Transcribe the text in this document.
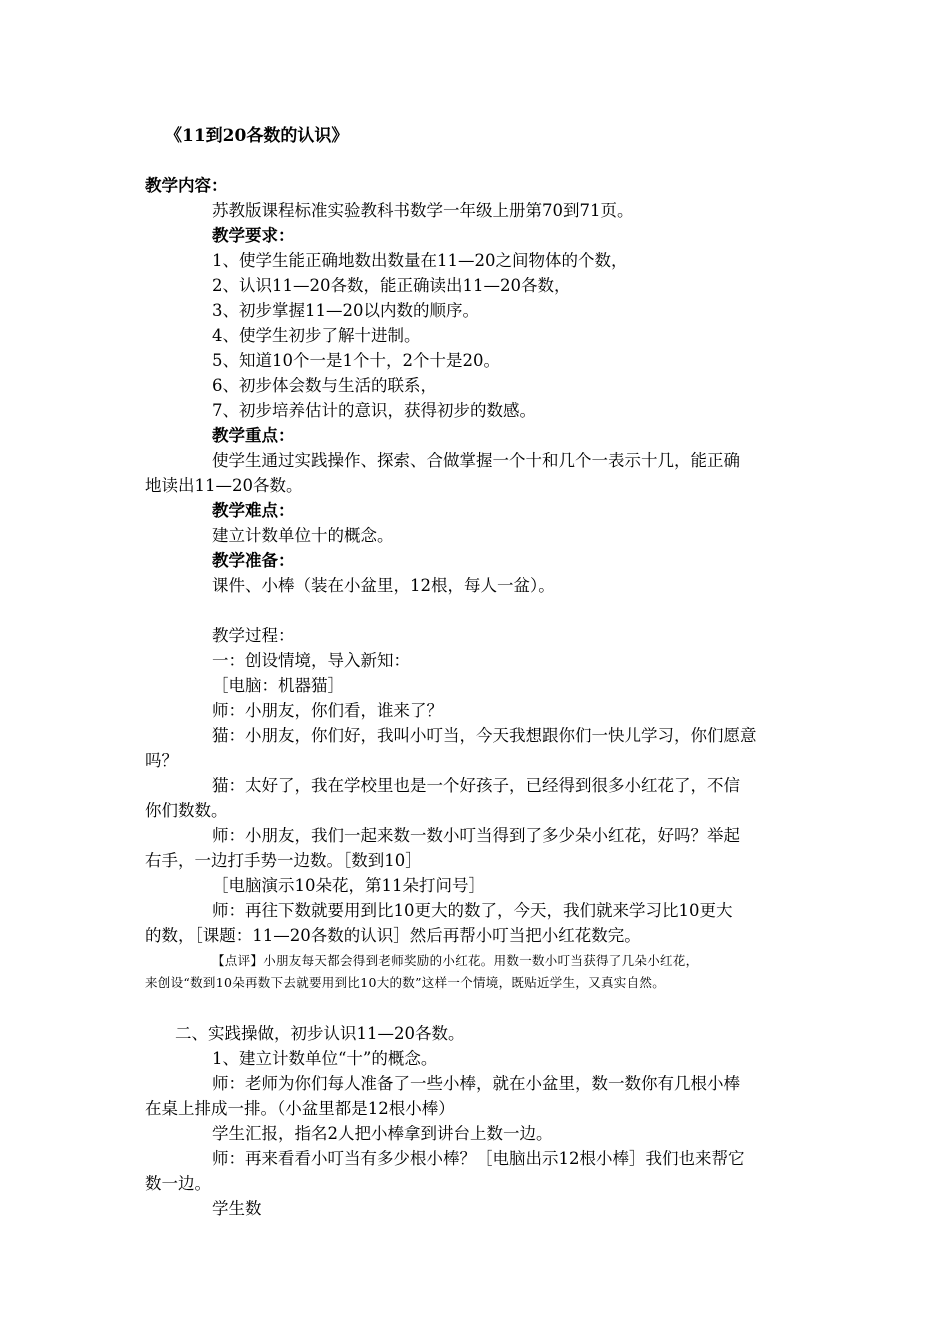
《11到20各数的认识》
教学内容：
苏教版课程标准实验教科书数学一年级上册第70到71页。
教学要求：
1、使学生能正确地数出数量在11—20之间物体的个数，
2、认识11—20各数，能正确读出11—20各数，
3、初步掌握11—20以内数的顺序。
4、使学生初步了解十进制。
5、知道10个一是1个十，2个十是20。
6、初步体会数与生活的联系，
7、初步培养估计的意识，获得初步的数感。
教学重点：
使学生通过实践操作、探索、合做掌握一个十和几个一表示十几，能正确
地读出11—20各数。
教学难点：
建立计数单位十的概念。
教学准备：
课件、小棒（装在小盆里，12根，每人一盆）。
教学过程：
一：创设情境，导入新知：
［电脑：机器猫］
师：小朋友，你们看，谁来了？
猫：小朋友，你们好，我叫小叮当，今天我想跟你们一快儿学习，你们愿意
吗？
猫：太好了，我在学校里也是一个好孩子，已经得到很多小红花了，不信
你们数数。
师：小朋友，我们一起来数一数小叮当得到了多少朵小红花，好吗？举起
右手，一边打手势一边数。［数到10］
［电脑演示10朵花，第11朵打问号］
师：再往下数就要用到比10更大的数了，今天，我们就来学习比10更大
的数，［课题：11—20各数的认识］然后再帮小叮当把小红花数完。
【点评】小朋友每天都会得到老师奖励的小红花。用数一数小叮当获得了几朵小红花，
来创设“数到10朵再数下去就要用到比10大的数”这样一个情境，既贴近学生，又真实自然。
二、实践操做，初步认识11—20各数。
1、建立计数单位“十”的概念。
师：老师为你们每人准备了一些小棒，就在小盆里，数一数你有几根小棒
在桌上排成一排。（小盆里都是12根小棒）
学生汇报，指名2人把小棒拿到讲台上数一边。
师：再来看看小叮当有多少根小棒？［电脑出示12根小棒］我们也来帮它
数一边。
学生数
